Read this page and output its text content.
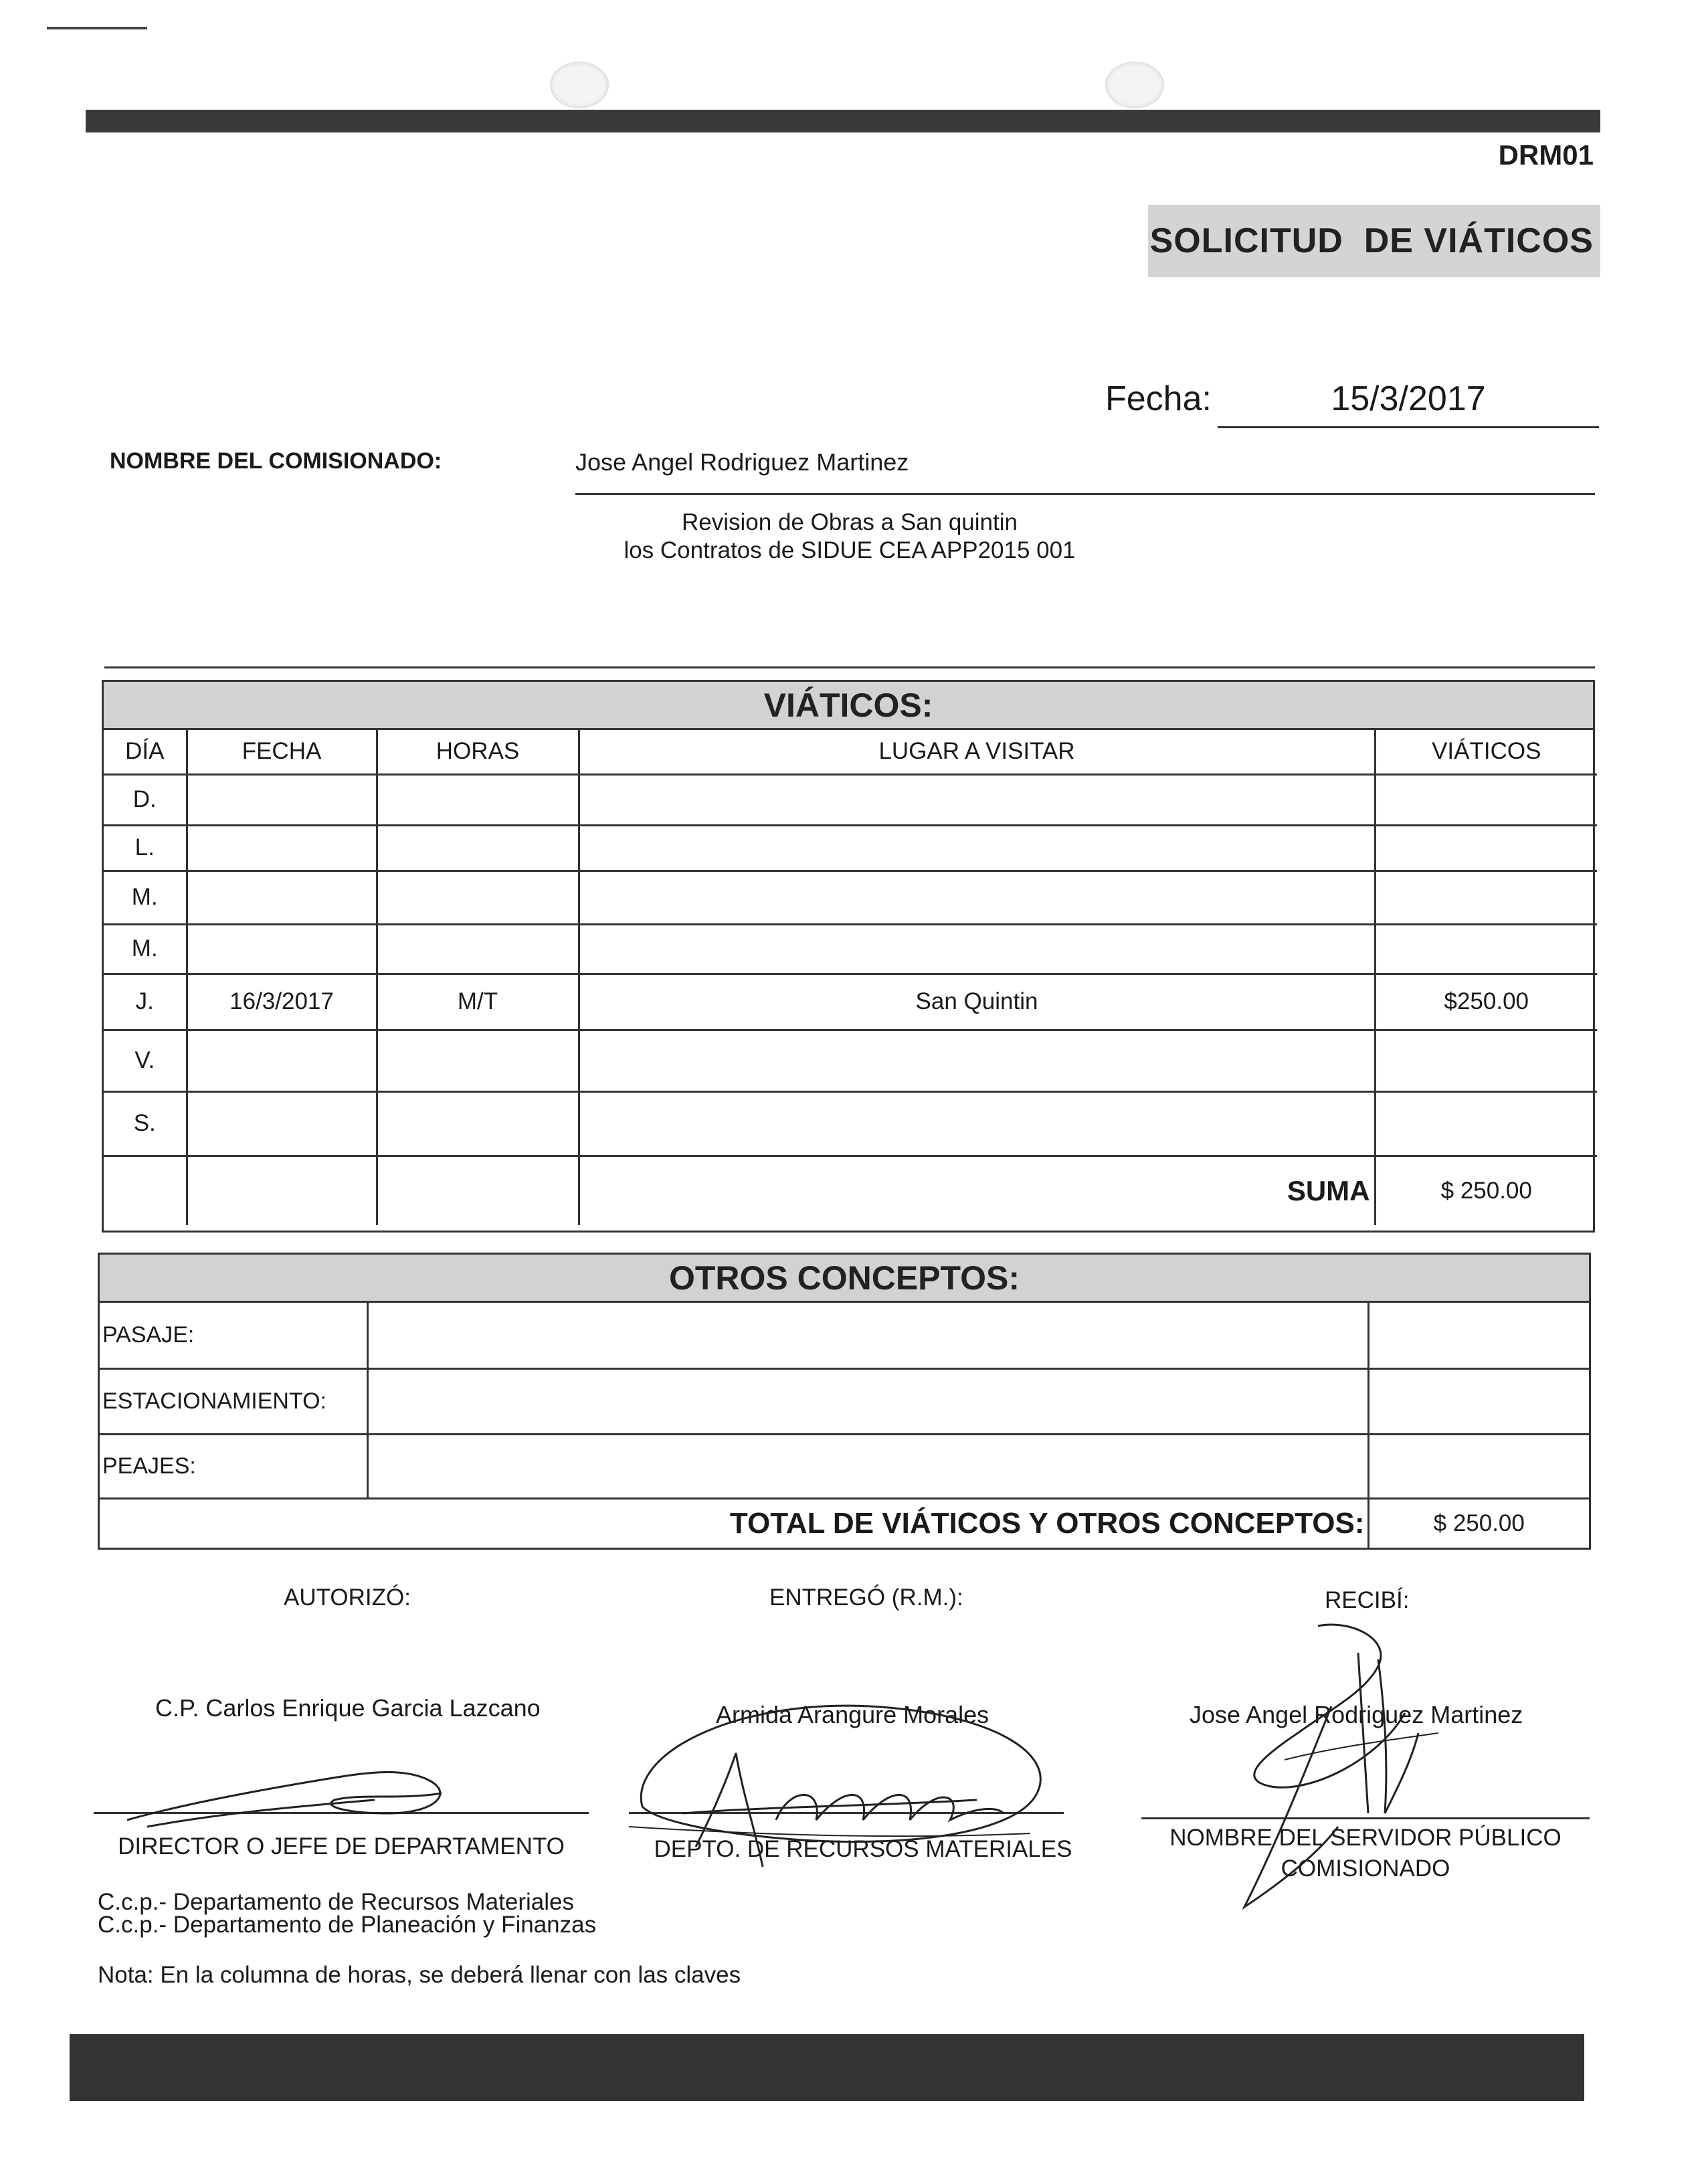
DRM01
SOLICITUD  DE VIÁTICOS
Fecha:	15/3/2017
NOMBRE DEL COMISIONADO:	Jose Angel Rodriguez Martinez
Revision de Obras a San quintin
los Contratos de SIDUE CEA APP2015 001
VIÁTICOS:
DÍA	FECHA	HORAS	LUGAR A VISITAR	VIÁTICOS
D.				
L.				
M.				
M.				
J.	16/3/2017	M/T	San Quintin	$250.00
V.				
S.				
			SUMA	$ 250.00
OTROS CONCEPTOS:
PASAJE:		
ESTACIONAMIENTO:		
PEAJES:		
TOTAL DE VIÁTICOS Y OTROS CONCEPTOS:		$ 250.00
AUTORIZÓ:	ENTREGÓ (R.M.):	RECIBÍ:
C.P. Carlos Enrique Garcia Lazcano	Armida Arangure Morales	Jose Angel Rodriguez Martinez
DIRECTOR O JEFE DE DEPARTAMENTO	DEPTO. DE RECURSOS MATERIALES	NOMBRE DEL SERVIDOR PÚBLICO
COMISIONADO
C.c.p.- Departamento de Recursos Materiales
C.c.p.- Departamento de Planeación y Finanzas
Nota: En la columna de horas, se deberá llenar con las claves
